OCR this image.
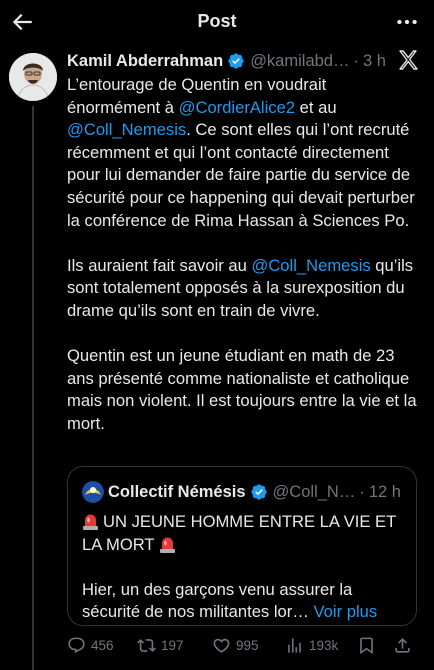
Post
Kamil Abderrahman @kamilabd… · 3 h

L’entourage de Quentin en voudrait énormément à @CordierAlice2 et au @Coll_Nemesis. Ce sont elles qui l’ont recruté récemment et qui l’ont contacté directement pour lui demander de faire partie du service de sécurité pour ce happening qui devait perturber la conférence de Rima Hassan à Sciences Po.

Ils auraient fait savoir au @Coll_Nemesis qu’ils sont totalement opposés à la surexposition du drame qu’ils sont en train de vivre.

Quentin est un jeune étudiant en math de 23 ans présenté comme nationaliste et catholique mais non violent. Il est toujours entre la vie et la mort.

Collectif Némésis @Coll_N… · 12 h

UN JEUNE HOMME ENTRE LA VIE ET LA MORT

Hier, un des garçons venu assurer la sécurité de nos militantes lor… Voir plus

456	197	995	193k
